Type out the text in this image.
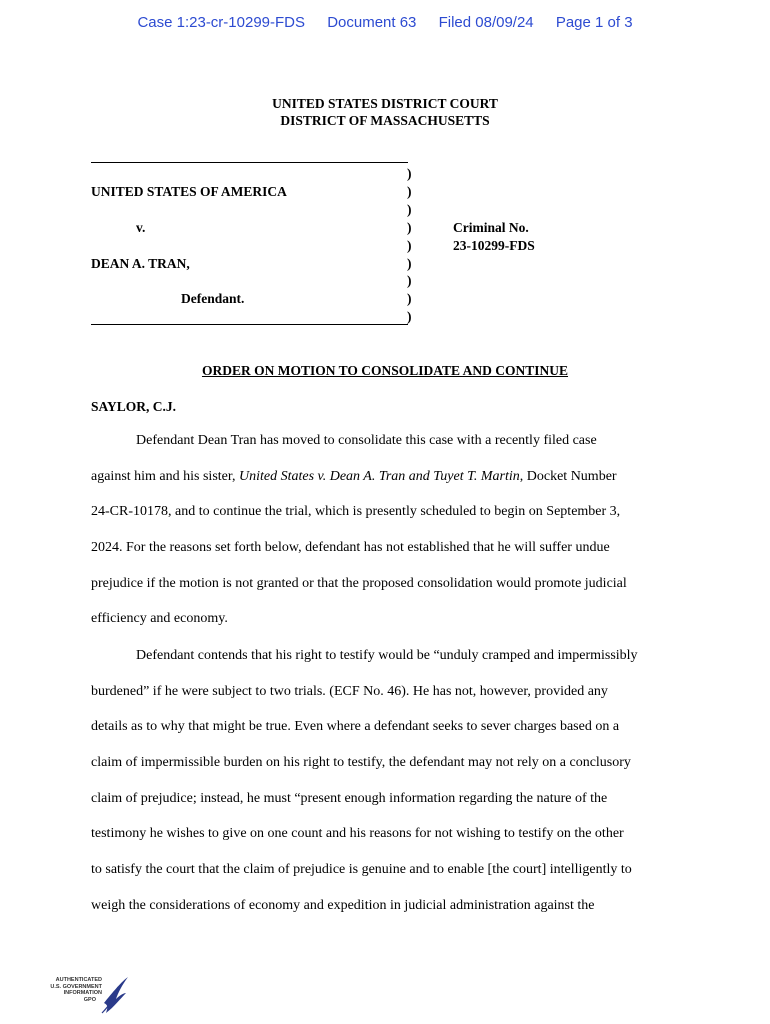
Case 1:23-cr-10299-FDS Document 63 Filed 08/09/24 Page 1 of 3
UNITED STATES DISTRICT COURT
DISTRICT OF MASSACHUSETTS
)
)
)
)
)
)
)
)
)
UNITED STATES OF AMERICA
v.
DEAN A. TRAN,
Defendant.
Criminal No.
23-10299-FDS
ORDER ON MOTION TO CONSOLIDATE AND CONTINUE
SAYLOR, C.J.
Defendant Dean Tran has moved to consolidate this case with a recently filed case
against him and his sister, United States v. Dean A. Tran and Tuyet T. Martin, Docket Number
24-CR-10178, and to continue the trial, which is presently scheduled to begin on September 3,
2024. For the reasons set forth below, defendant has not established that he will suffer undue
prejudice if the motion is not granted or that the proposed consolidation would promote judicial
efficiency and economy.
Defendant contends that his right to testify would be “unduly cramped and impermissibly
burdened” if he were subject to two trials. (ECF No. 46). He has not, however, provided any
details as to why that might be true. Even where a defendant seeks to sever charges based on a
claim of impermissible burden on his right to testify, the defendant may not rely on a conclusory
claim of prejudice; instead, he must “present enough information regarding the nature of the
testimony he wishes to give on one count and his reasons for not wishing to testify on the other
to satisfy the court that the claim of prejudice is genuine and to enable [the court] intelligently to
weigh the considerations of economy and expedition in judicial administration against the
AUTHENTICATED
U.S. GOVERNMENT
INFORMATION
GPO
